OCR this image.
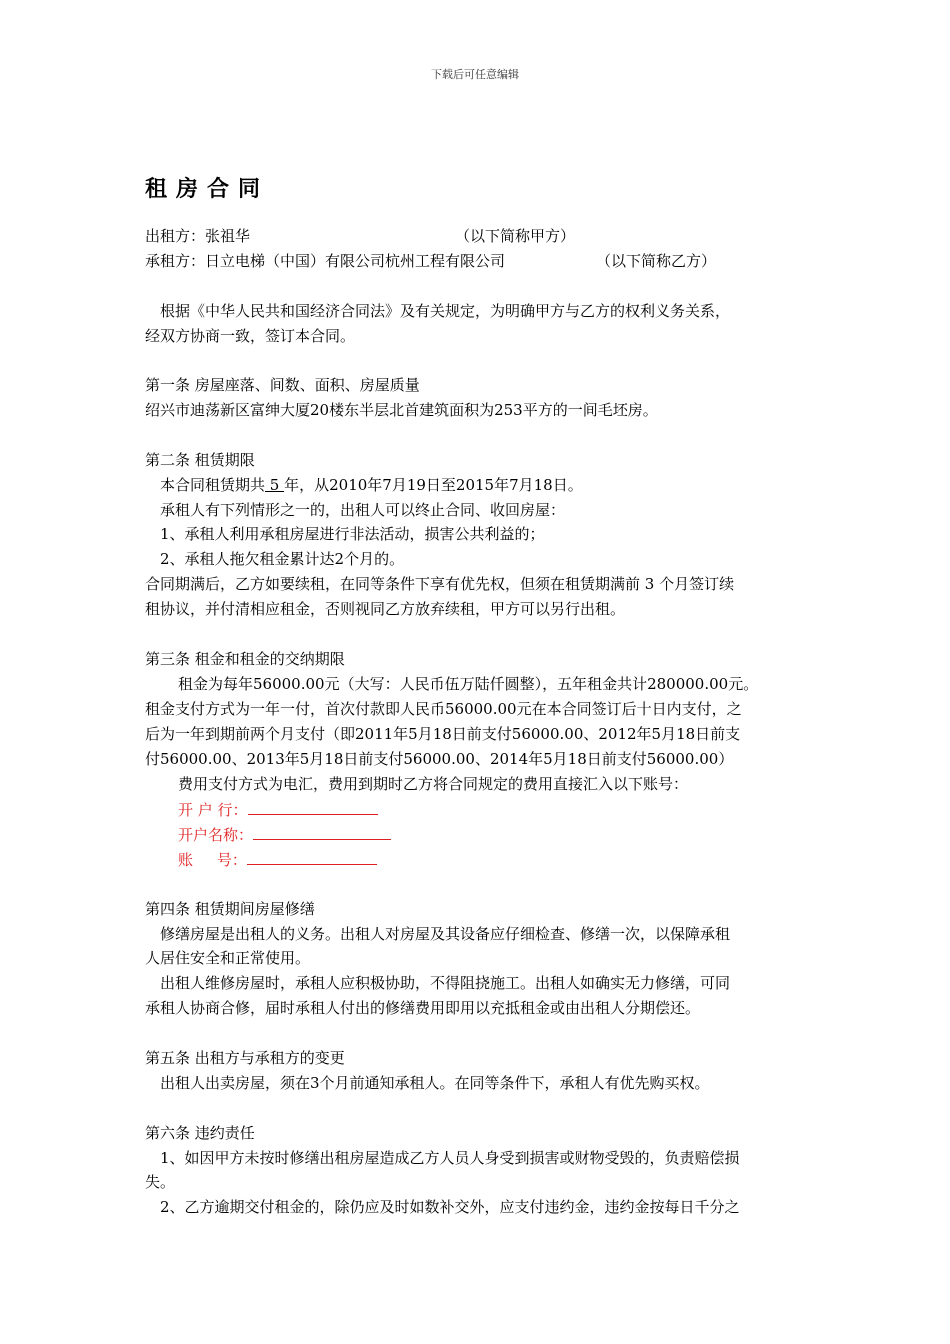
下载后可任意编辑
租房合同
出租方：张祖华	（以下简称甲方）
承租方：日立电梯（中国）有限公司杭州工程有限公司	（以下简称乙方）
根据《中华人民共和国经济合同法》及有关规定，为明确甲方与乙方的权利义务关系，
经双方协商一致，签订本合同。
第一条 房屋座落、间数、面积、房屋质量
绍兴市迪荡新区富绅大厦20楼东半层北首建筑面积为253平方的一间毛坯房。
第二条 租赁期限
本合同租赁期共 5 年，从2010年7月19日至2015年7月18日。
承租人有下列情形之一的，出租人可以终止合同、收回房屋：
1、承租人利用承租房屋进行非法活动，损害公共利益的；
2、承租人拖欠租金累计达2个月的。
合同期满后，乙方如要续租，在同等条件下享有优先权，但须在租赁期满前 3 个月签订续
租协议，并付清相应租金，否则视同乙方放弃续租，甲方可以另行出租。
第三条 租金和租金的交纳期限
租金为每年56000.00元（大写：人民币伍万陆仟圆整），五年租金共计280000.00元。
租金支付方式为一年一付，首次付款即人民币56000.00元在本合同签订后十日内支付，之
后为一年到期前两个月支付（即2011年5月18日前支付56000.00、2012年5月18日前支
付56000.00、2013年5月18日前支付56000.00、2014年5月18日前支付56000.00）
费用支付方式为电汇，费用到期时乙方将合同规定的费用直接汇入以下账号：
开 户 行：
开户名称：
账     号：
第四条 租赁期间房屋修缮
修缮房屋是出租人的义务。出租人对房屋及其设备应仔细检查、修缮一次，以保障承租
人居住安全和正常使用。
出租人维修房屋时，承租人应积极协助，不得阻挠施工。出租人如确实无力修缮，可同
承租人协商合修，届时承租人付出的修缮费用即用以充抵租金或由出租人分期偿还。
第五条 出租方与承租方的变更
出租人出卖房屋，须在3个月前通知承租人。在同等条件下，承租人有优先购买权。
第六条 违约责任
1、如因甲方未按时修缮出租房屋造成乙方人员人身受到损害或财物受毁的，负责赔偿损
失。
2、乙方逾期交付租金的，除仍应及时如数补交外，应支付违约金，违约金按每日千分之
